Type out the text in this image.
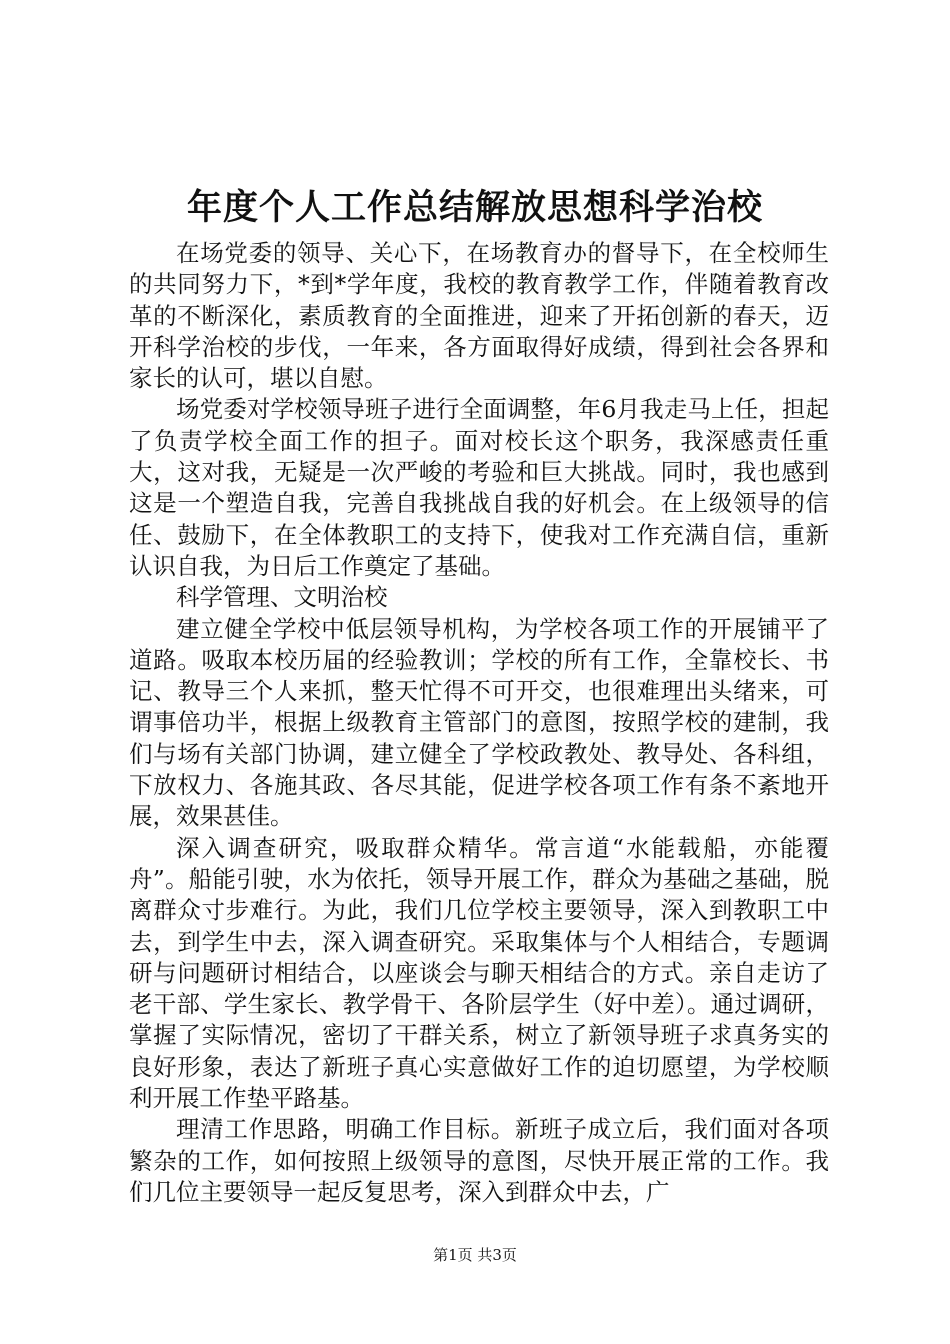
年度个人工作总结解放思想科学治校

在场党委的领导、关心下，在场教育办的督导下，在全校师生的共同努力下，*到*学年度，我校的教育教学工作，伴随着教育改革的不断深化，素质教育的全面推进，迎来了开拓创新的春天，迈开科学治校的步伐，一年来，各方面取得好成绩，得到社会各界和家长的认可，堪以自慰。

场党委对学校领导班子进行全面调整，年6月我走马上任，担起了负责学校全面工作的担子。面对校长这个职务，我深感责任重大，这对我，无疑是一次严峻的考验和巨大挑战。同时，我也感到这是一个塑造自我，完善自我挑战自我的好机会。在上级领导的信任、鼓励下，在全体教职工的支持下，使我对工作充满自信，重新认识自我，为日后工作奠定了基础。

科学管理、文明治校

建立健全学校中低层领导机构，为学校各项工作的开展铺平了道路。吸取本校历届的经验教训；学校的所有工作，全靠校长、书记、教导三个人来抓，整天忙得不可开交，也很难理出头绪来，可谓事倍功半，根据上级教育主管部门的意图，按照学校的建制，我们与场有关部门协调，建立健全了学校政教处、教导处、各科组，下放权力、各施其政、各尽其能，促进学校各项工作有条不紊地开展，效果甚佳。

深入调查研究，吸取群众精华。常言道“水能载船，亦能覆舟”。船能引驶，水为依托，领导开展工作，群众为基础之基础，脱离群众寸步难行。为此，我们几位学校主要领导，深入到教职工中去，到学生中去，深入调查研究。采取集体与个人相结合，专题调研与问题研讨相结合，以座谈会与聊天相结合的方式。亲自走访了老干部、学生家长、教学骨干、各阶层学生（好中差）。通过调研，掌握了实际情况，密切了干群关系，树立了新领导班子求真务实的良好形象，表达了新班子真心实意做好工作的迫切愿望，为学校顺利开展工作垫平路基。

理清工作思路，明确工作目标。新班子成立后，我们面对各项繁杂的工作，如何按照上级领导的意图，尽快开展正常的工作。我们几位主要领导一起反复思考，深入到群众中去，广

第1页 共3页
